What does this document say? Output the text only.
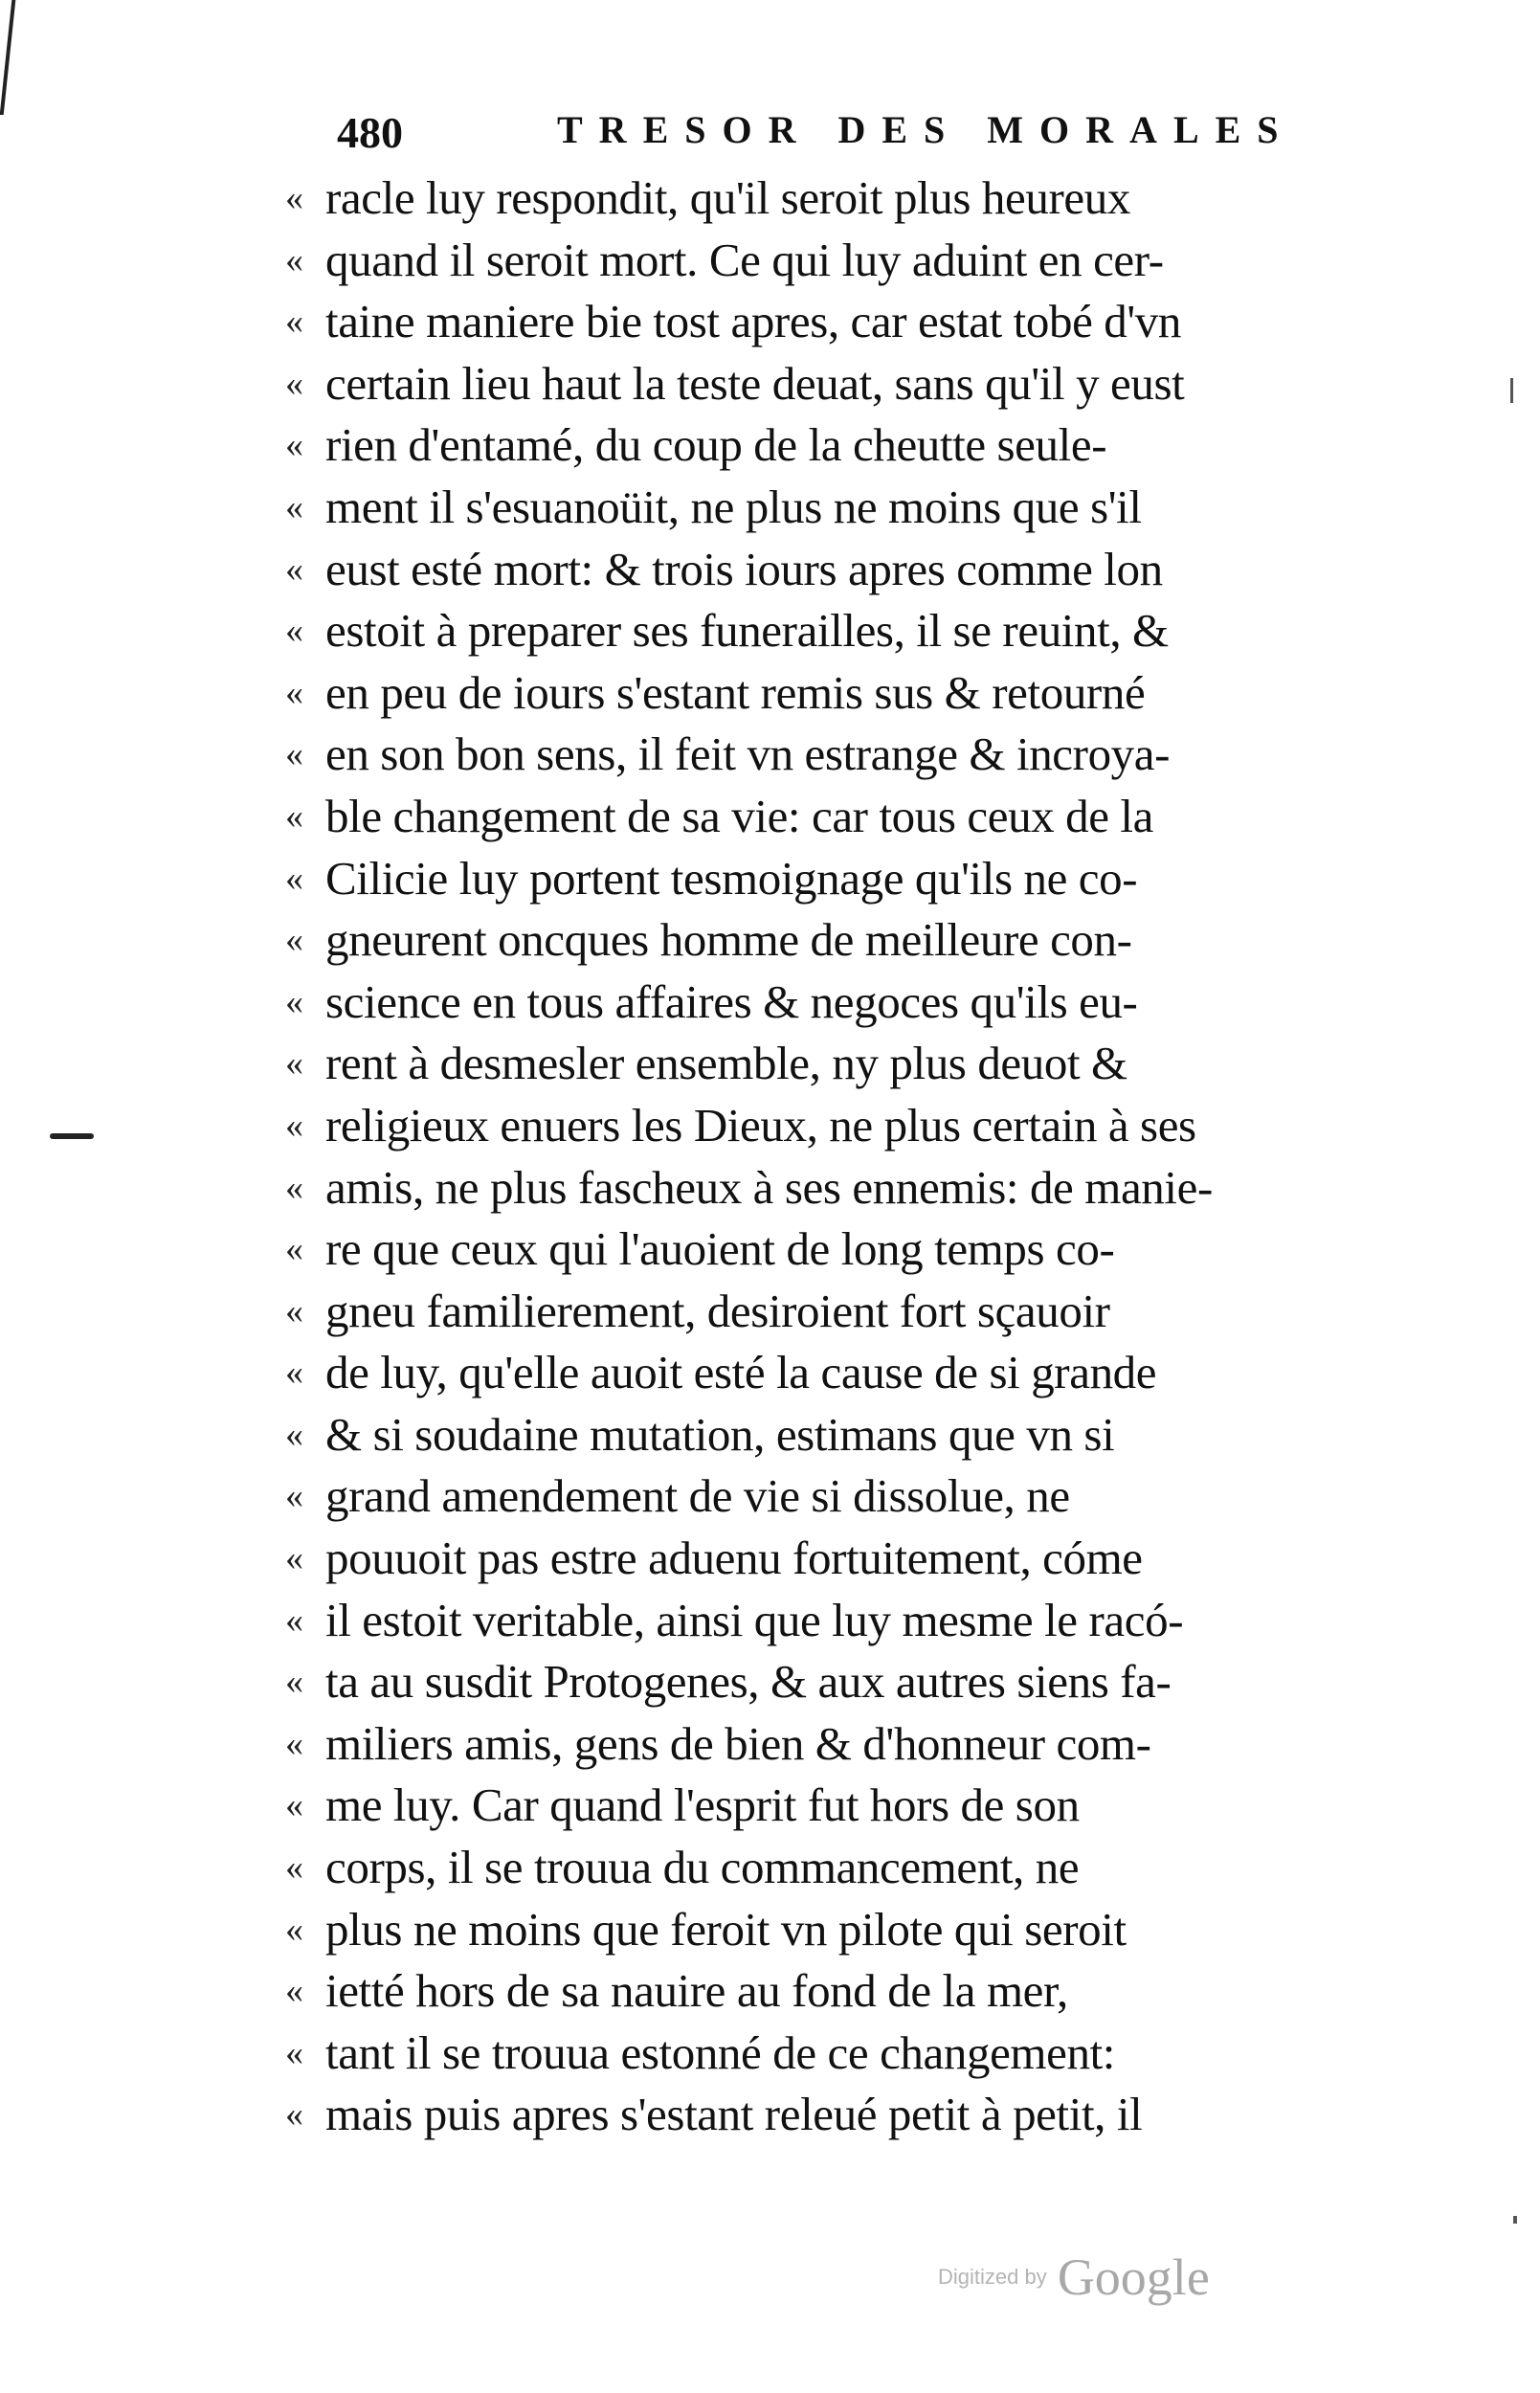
480	TRESOR DES MORALES
« racle luy respondit, qu'il seroit plus heureux
« quand il seroit mort. Ce qui luy aduint en cer-
« taine maniere bie tost apres, car estat tobé d'vn
« certain lieu haut la teste deuat, sans qu'il y eust
« rien d'entamé, du coup de la cheutte seule-
« ment il s'esuanoüit, ne plus ne moins que s'il
« eust esté mort: & trois iours apres comme lon
« estoit à preparer ses funerailles, il se reuint, &
« en peu de iours s'estant remis sus & retourné
« en son bon sens, il feit vn estrange & incroya-
« ble changement de sa vie: car tous ceux de la
« Cilicie luy portent tesmoignage qu'ils ne co-
« gneurent oncques homme de meilleure con-
« science en tous affaires & negoces qu'ils eu-
« rent à desmesler ensemble, ny plus deuot &
« religieux enuers les Dieux, ne plus certain à ses
« amis, ne plus fascheux à ses ennemis: de manie-
« re que ceux qui l'auoient de long temps co-
« gneu familierement, desiroient fort sçauoir
« de luy, qu'elle auoit esté la cause de si grande
« & si soudaine mutation, estimans que vn si
« grand amendement de vie si dissolue, ne
« pouuoit pas estre aduenu fortuitement, cóme
« il estoit veritable, ainsi que luy mesme le racó-
« ta au susdit Protogenes, & aux autres siens fa-
« miliers amis, gens de bien & d'honneur com-
« me luy. Car quand l'esprit fut hors de son
« corps, il se trouua du commancement, ne
« plus ne moins que feroit vn pilote qui seroit
« ietté hors de sa nauire au fond de la mer,
« tant il se trouua estonné de ce changement:
« mais puis apres s'estant releué petit à petit, il
Digitized by Google
